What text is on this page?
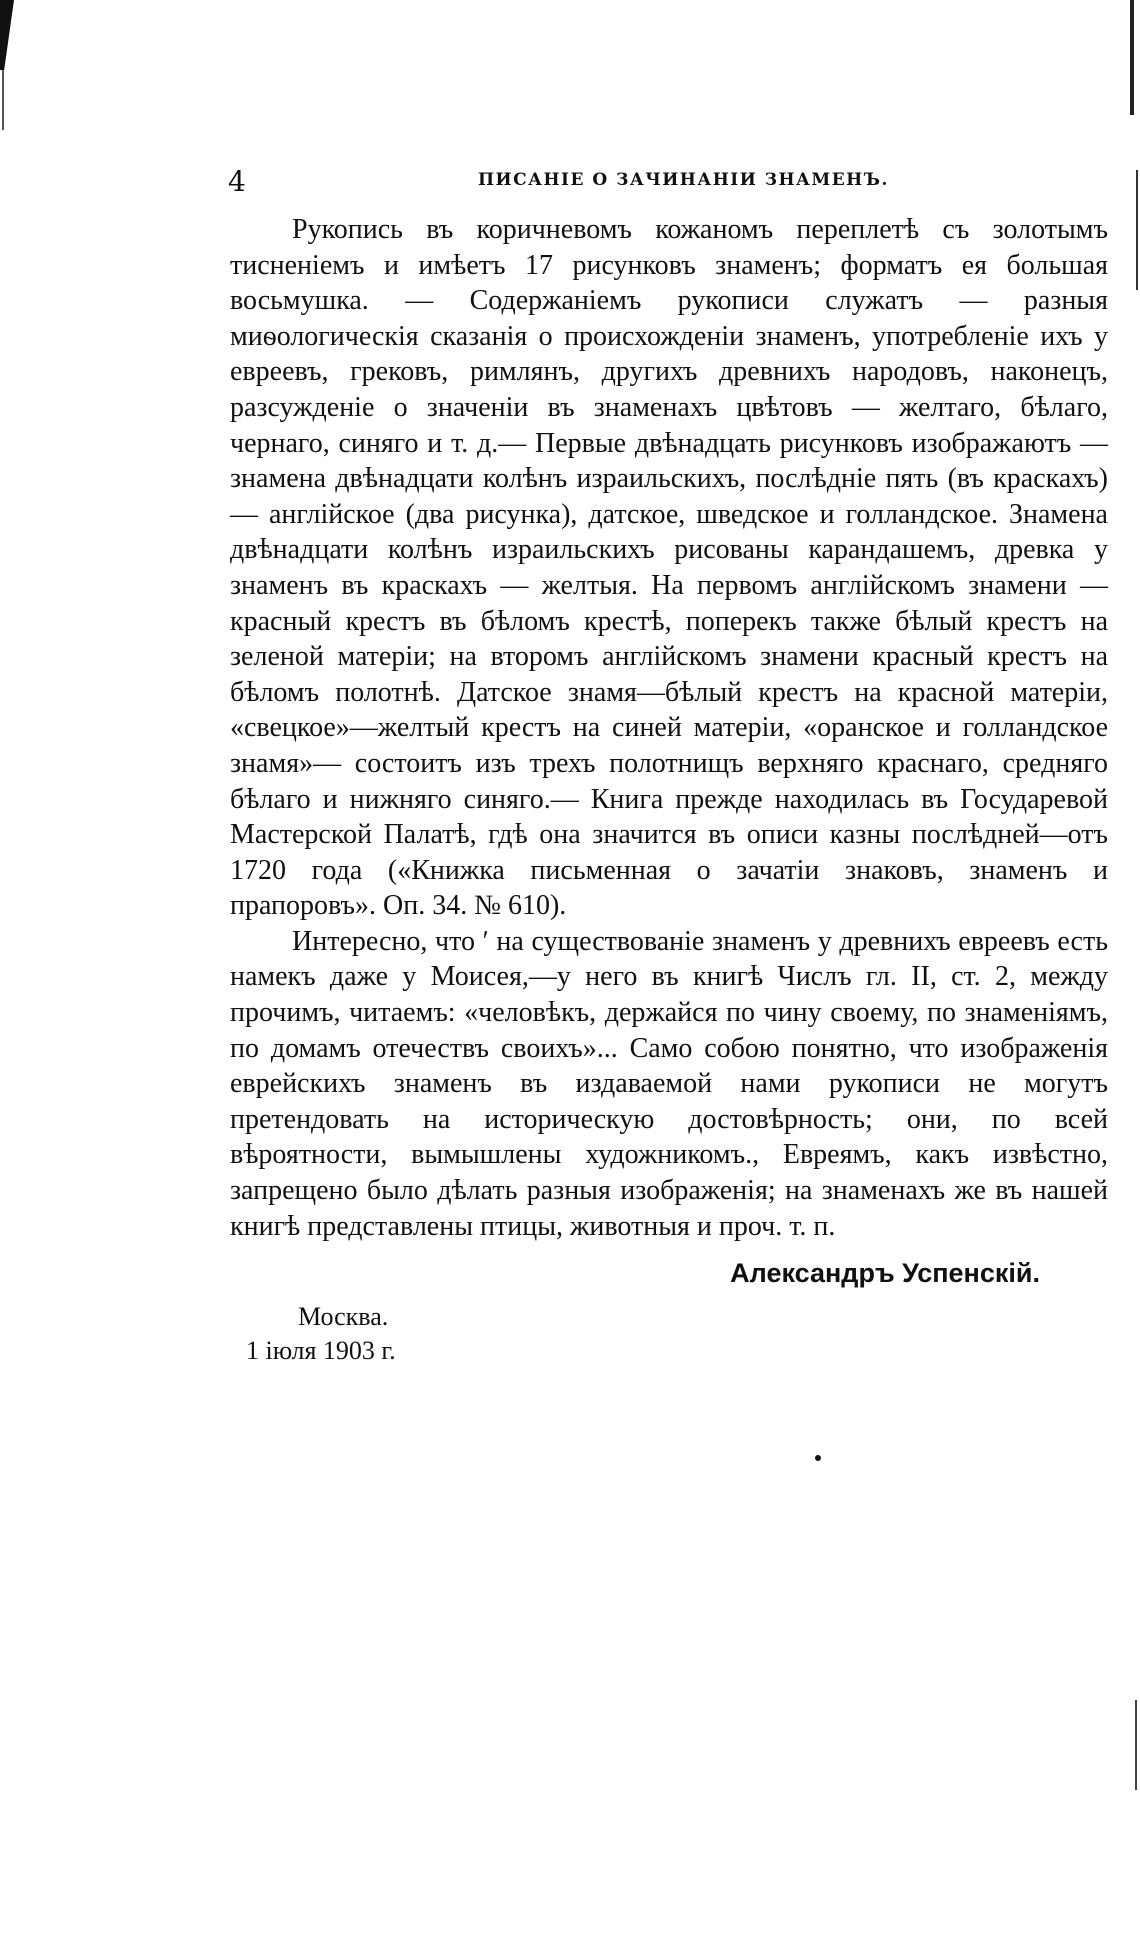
4	ПИСАНІЕ О ЗАЧИНАНІИ ЗНАМЕНЪ.

Рукопись въ коричневомъ кожаномъ переплетѣ съ золотымъ тисненіемъ и имѣетъ 17 рисунковъ знаменъ; форматъ ея большая восьмушка. — Содержаніемъ рукописи служатъ — разныя миѳологическія сказанія о происхожденіи знаменъ, употребленіе ихъ у евреевъ, грековъ, римлянъ, другихъ древнихъ народовъ, наконецъ, разсужденіе о значеніи въ знаменахъ цвѣтовъ — желтаго, бѣлаго, чернаго, синяго и т. д.— Первые двѣнадцать рисунковъ изображаютъ — знамена двѣнадцати колѣнъ израильскихъ, послѣдніе пять (въ краскахъ) — англійское (два рисунка), датское, шведское и голландское. Знамена двѣнадцати колѣнъ израильскихъ рисованы карандашемъ, древка у знаменъ въ краскахъ — желтыя. На первомъ англійскомъ знамени — красный крестъ въ бѣломъ крестѣ, поперекъ также бѣлый крестъ на зеленой матеріи; на второмъ англійскомъ знамени красный крестъ на бѣломъ полотнѣ. Датское знамя—бѣлый крестъ на красной матеріи, «свецкое»—желтый крестъ на синей матеріи, «оранское и голландское знамя»— состоитъ изъ трехъ полотнищъ верхняго краснаго, средняго бѣлаго и нижняго синяго.— Книга прежде находилась въ Государевой Мастерской Палатѣ, гдѣ она значится въ описи казны послѣдней—отъ 1720 года («Книжка письменная о зачатіи знаковъ, знаменъ и прапоровъ». Оп. 34. № 610).

Интересно, что ʹ на существованіе знаменъ у древнихъ евреевъ есть намекъ даже у Моисея,—у него въ книгѣ Числъ гл. II, ст. 2, между прочимъ, читаемъ: «человѣкъ, держайся по чину своему, по знаменіямъ, по домамъ отечествъ своихъ»... Само собою понятно, что изображенія еврейскихъ знаменъ въ издаваемой нами рукописи не могутъ претендовать на историческую достовѣрность; они, по всей вѣроятности, вымышлены художникомъ., Евреямъ, какъ извѣстно, запрещено было дѣлать разныя изображенія; на знаменахъ же въ нашей книгѣ представлены птицы, животныя и проч. т. п.

Александръ Успенскій.
Москва.
1 іюля 1903 г.
